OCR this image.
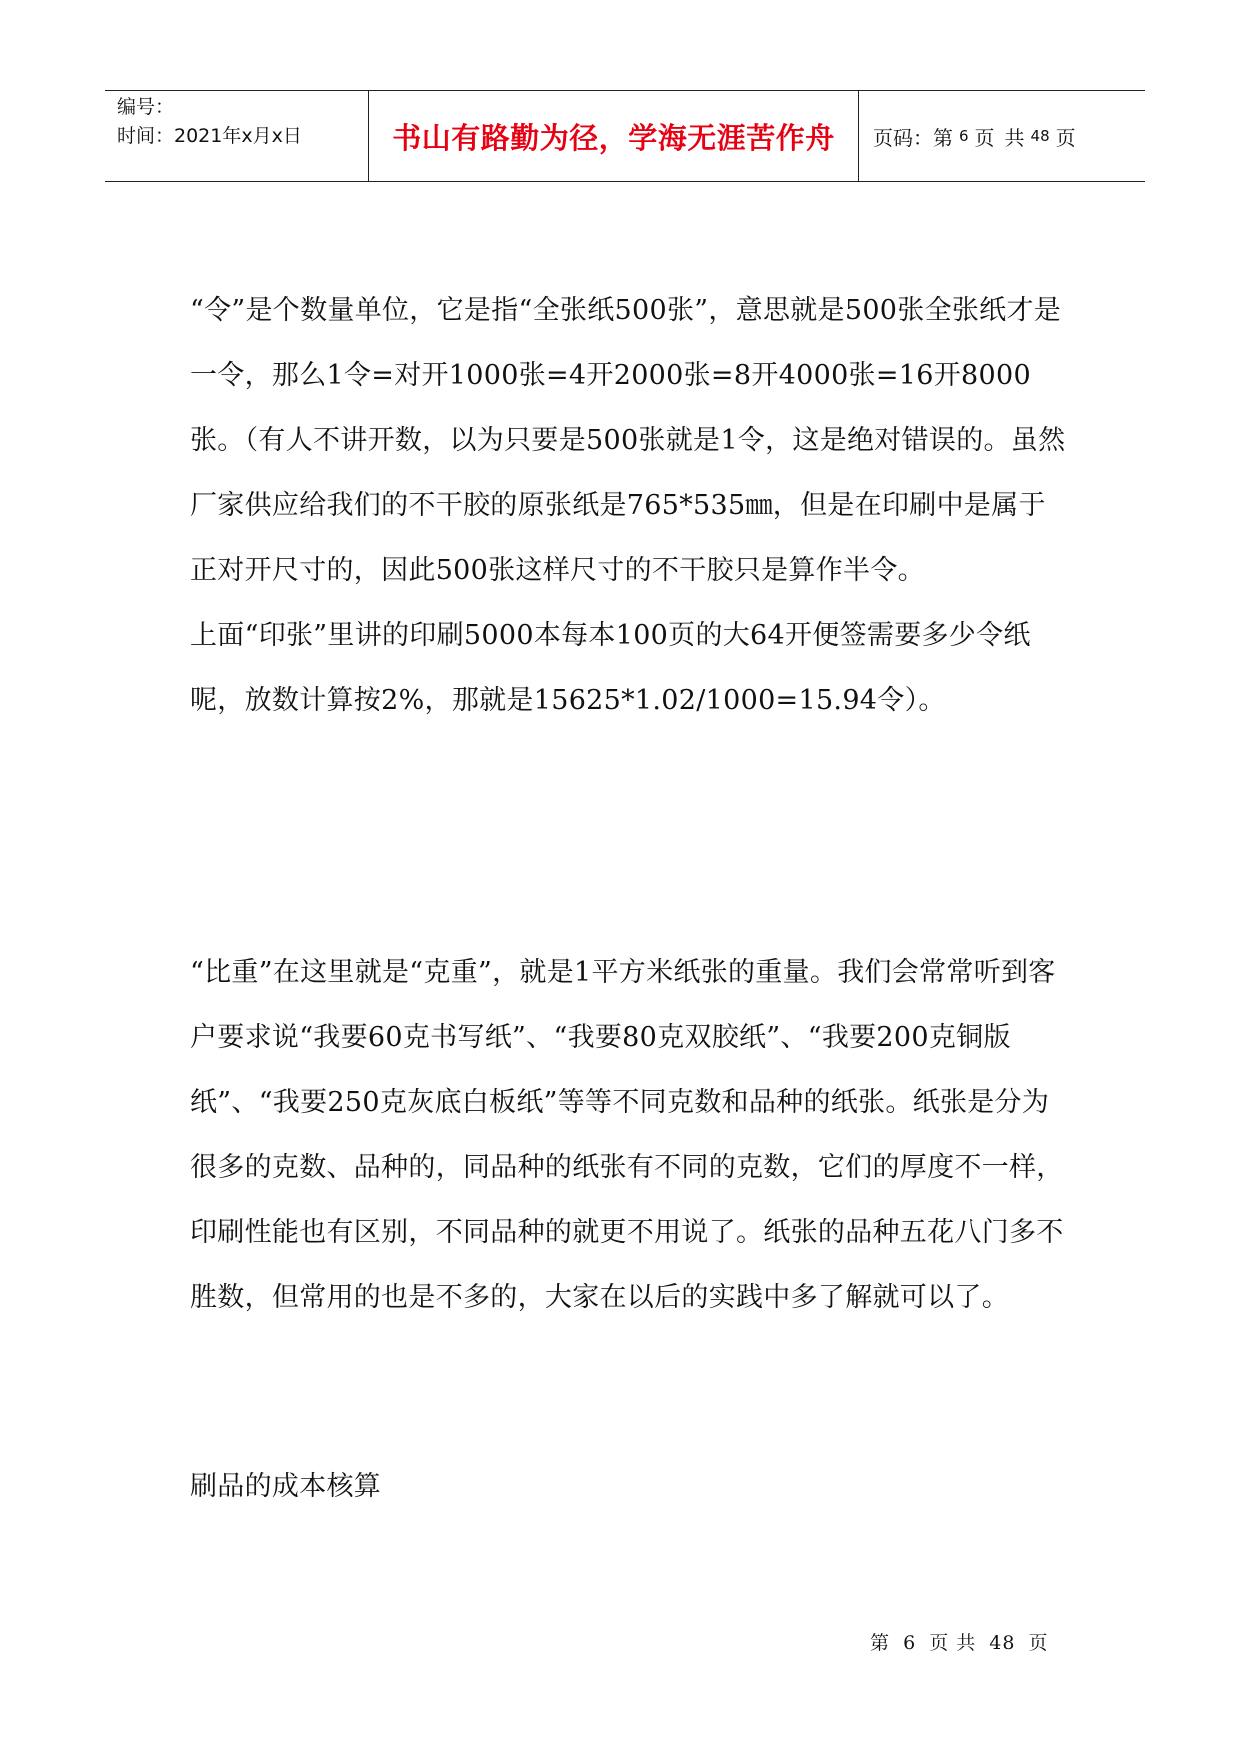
编号：
时间：2021年x月x日	书山有路勤为径，学海无涯苦作舟	页码：第 6 页 共 48 页

“令”是个数量单位，它是指“全张纸500张”，意思就是500张全张纸才是一令，那么1令=对开1000张=4开2000张=8开4000张=16开8000张。（有人不讲开数，以为只要是500张就是1令，这是绝对错误的。虽然厂家供应给我们的不干胶的原张纸是765*535㎜，但是在印刷中是属于正对开尺寸的，因此500张这样尺寸的不干胶只是算作半令。

上面“印张”里讲的印刷5000本每本100页的大64开便签需要多少令纸呢，放数计算按2%，那就是15625*1.02/1000=15.94令）。

“比重”在这里就是“克重”，就是1平方米纸张的重量。我们会常常听到客户要求说“我要60克书写纸”、“我要80克双胶纸”、“我要200克铜版纸”、“我要250克灰底白板纸”等等不同克数和品种的纸张。纸张是分为很多的克数、品种的，同品种的纸张有不同的克数，它们的厚度不一样，印刷性能也有区别，不同品种的就更不用说了。纸张的品种五花八门多不胜数，但常用的也是不多的，大家在以后的实践中多了解就可以了。

刷品的成本核算

第 6 页 共 48 页
